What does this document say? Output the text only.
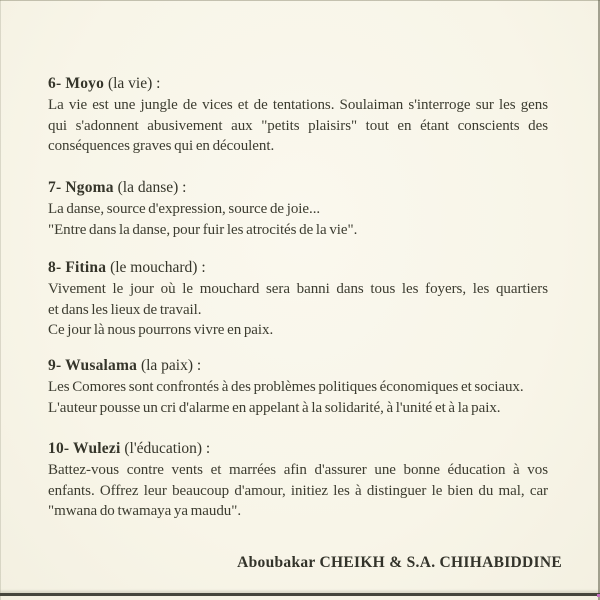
6- Moyo (la vie) :
La vie est une jungle de vices et de tentations. Soulaiman s'interroge sur les gens
qui s'adonnent abusivement aux "petits plaisirs" tout en étant conscients des
conséquences graves qui en découlent.
7- Ngoma (la danse) :
La danse, source d'expression, source de joie...
"Entre dans la danse, pour fuir les atrocités de la vie".
8- Fitina (le mouchard) :
Vivement le jour où le mouchard sera banni dans tous les foyers, les quartiers
et dans les lieux de travail.
Ce jour là nous pourrons vivre en paix.
9- Wusalama (la paix) :
Les Comores sont confrontés à des problèmes politiques économiques et sociaux.
L'auteur pousse un cri d'alarme en appelant à la solidarité, à l'unité et à la paix.
10- Wulezi (l'éducation) :
Battez-vous contre vents et marrées afin d'assurer une bonne éducation à vos
enfants. Offrez leur beaucoup d'amour, initiez les à distinguer le bien du mal, car
"mwana do twamaya ya maudu".
Aboubakar CHEIKH & S.A. CHIHABIDDINE
